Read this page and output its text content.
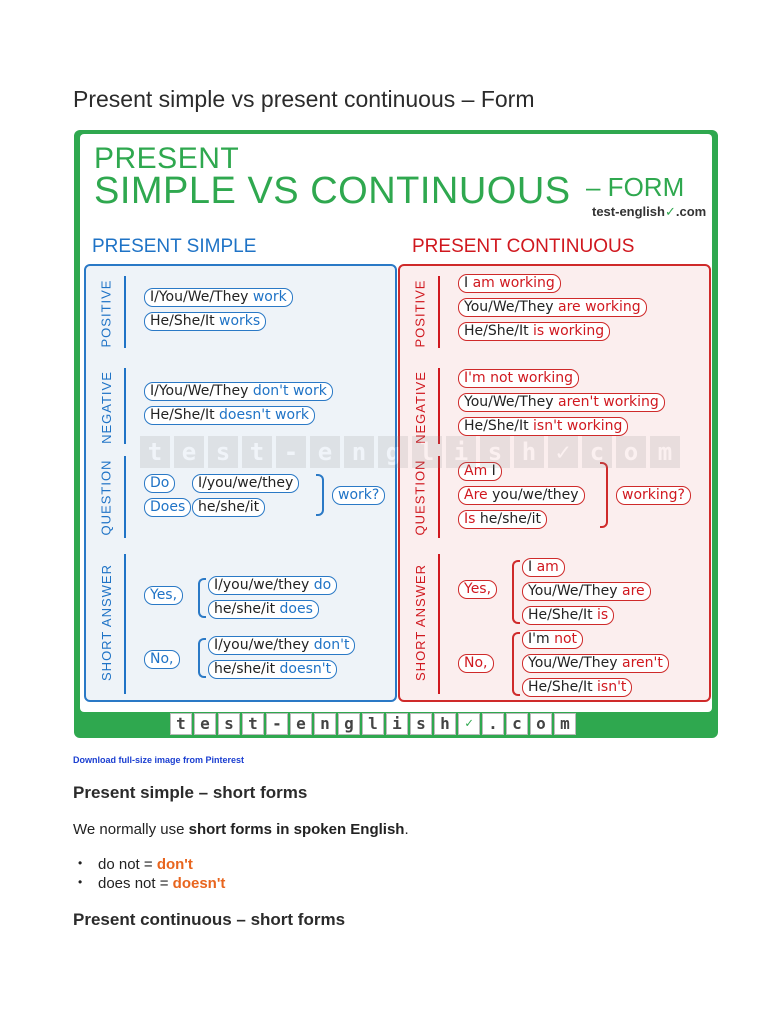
Present simple vs present continuous – Form
PRESENT
SIMPLE VS CONTINUOUS – FORM
test-english✓.com
PRESENT SIMPLE	PRESENT CONTINUOUS
POSITIVE	I/You/We/They work
He/She/It works
NEGATIVE	I/You/We/They don't work
He/She/It doesn't work
QUESTION	Do	I/you/we/they
Does he/she/it
work?
SHORT ANSWER	Yes,
I/you/we/they do
he/she/it does
No,
I/you/we/they don't
he/she/it doesn't
POSITIVE	I am working
You/We/They are working
He/She/It is working
NEGATIVE	I'm not working
You/We/They aren't working
He/She/It isn't working
QUESTION	Am I
Are you/we/they
Is he/she/it
working?
SHORT ANSWER	Yes,
I am
You/We/They are
He/She/It is
No,
I'm not
You/We/They aren't
He/She/It isn't
t e s t - e n g l i s h ✓ c o m
t e s t - e n g l i s h	✓ . c o m
Download full-size image from Pinterest
Present simple – short forms

We normally use short forms in spoken English.

• do not = don't
• does not = doesn't
Present continuous – short forms
